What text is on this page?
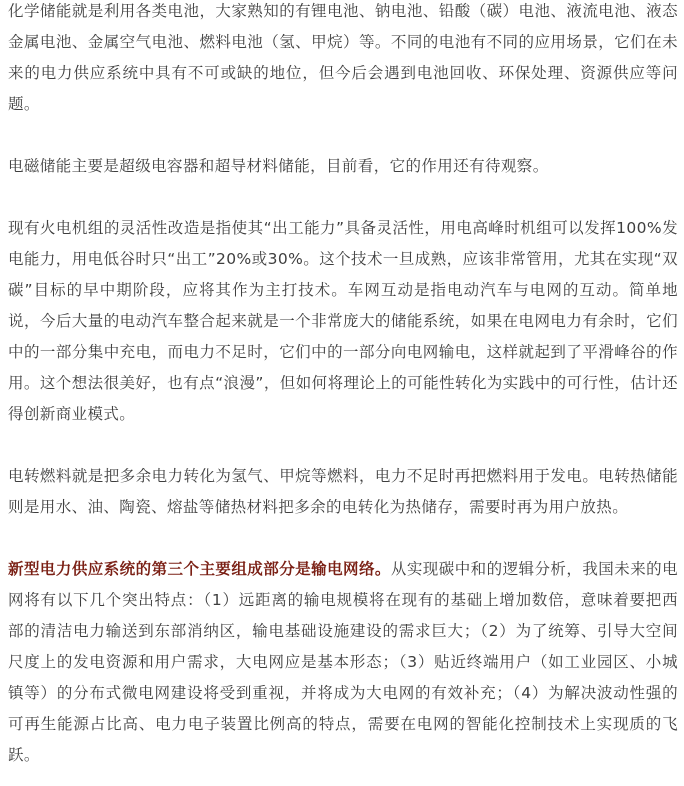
化学储能就是利用各类电池，大家熟知的有锂电池、钠电池、铅酸（碳）电池、液流电池、液态金属电池、金属空气电池、燃料电池（氢、甲烷）等。不同的电池有不同的应用场景，它们在未来的电力供应系统中具有不可或缺的地位，但今后会遇到电池回收、环保处理、资源供应等问题。

电磁储能主要是超级电容器和超导材料储能，目前看，它的作用还有待观察。

现有火电机组的灵活性改造是指使其“出工能力”具备灵活性，用电高峰时机组可以发挥100%发电能力，用电低谷时只“出工”20%或30%。这个技术一旦成熟，应该非常管用，尤其在实现“双碳”目标的早中期阶段，应将其作为主打技术。车网互动是指电动汽车与电网的互动。简单地说，今后大量的电动汽车整合起来就是一个非常庞大的储能系统，如果在电网电力有余时，它们中的一部分集中充电，而电力不足时，它们中的一部分向电网输电，这样就起到了平滑峰谷的作用。这个想法很美好，也有点“浪漫”，但如何将理论上的可能性转化为实践中的可行性，估计还得创新商业模式。

电转燃料就是把多余电力转化为氢气、甲烷等燃料，电力不足时再把燃料用于发电。电转热储能则是用水、油、陶瓷、熔盐等储热材料把多余的电转化为热储存，需要时再为用户放热。

新型电力供应系统的第三个主要组成部分是输电网络。从实现碳中和的逻辑分析，我国未来的电网将有以下几个突出特点：（1）远距离的输电规模将在现有的基础上增加数倍，意味着要把西部的清洁电力输送到东部消纳区，输电基础设施建设的需求巨大；（2）为了统筹、引导大空间尺度上的发电资源和用户需求，大电网应是基本形态；（3）贴近终端用户（如工业园区、小城镇等）的分布式微电网建设将受到重视，并将成为大电网的有效补充；（4）为解决波动性强的可再生能源占比高、电力电子装置比例高的特点，需要在电网的智能化控制技术上实现质的飞跃。
